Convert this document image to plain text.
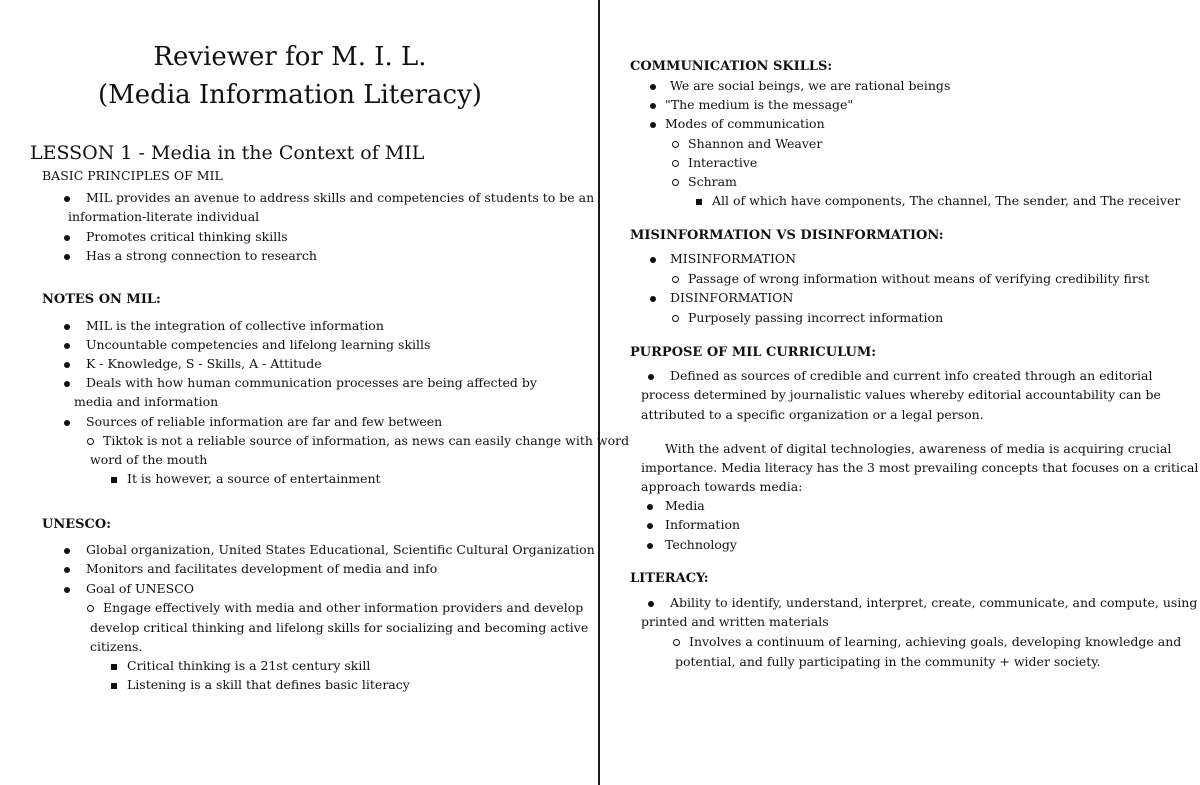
Reviewer for M. I. L.
(Media Information Literacy)
LESSON 1 - Media in the Context of MIL
BASIC PRINCIPLES OF MIL
MIL provides an avenue to address skills and competencies of students to be an
information-literate individual
Promotes critical thinking skills
Has a strong connection to research
NOTES ON MIL:
MIL is the integration of collective information
Uncountable competencies and lifelong learning skills
K - Knowledge, S - Skills, A - Attitude
Deals with how human communication processes are being affected by
media and information
Sources of reliable information are far and few between
Tiktok is not a reliable source of information, as news can easily change with word
word of the mouth
It is however, a source of entertainment
UNESCO:
Global organization, United States Educational, Scientific Cultural Organization
Monitors and facilitates development of media and info
Goal of UNESCO
Engage effectively with media and other information providers and develop
develop critical thinking and lifelong skills for socializing and becoming active
citizens.
Critical thinking is a 21st century skill
Listening is a skill that defines basic literacy
COMMUNICATION SKILLS:
We are social beings, we are rational beings
"The medium is the message"
Modes of communication
Shannon and Weaver
Interactive
Schram
All of which have components, The channel, The sender, and The receiver
MISINFORMATION VS DISINFORMATION:
MISINFORMATION
Passage of wrong information without means of verifying credibility first
DISINFORMATION
Purposely passing incorrect information
PURPOSE OF MIL CURRICULUM:
Defined as sources of credible and current info created through an editorial
process determined by journalistic values whereby editorial accountability can be
attributed to a specific organization or a legal person.
With the advent of digital technologies, awareness of media is acquiring crucial
importance. Media literacy has the 3 most prevailing concepts that focuses on a critical
approach towards media:
Media
Information
Technology
LITERACY:
Ability to identify, understand, interpret, create, communicate, and compute, using
printed and written materials
Involves a continuum of learning, achieving goals, developing knowledge and
potential, and fully participating in the community + wider society.
